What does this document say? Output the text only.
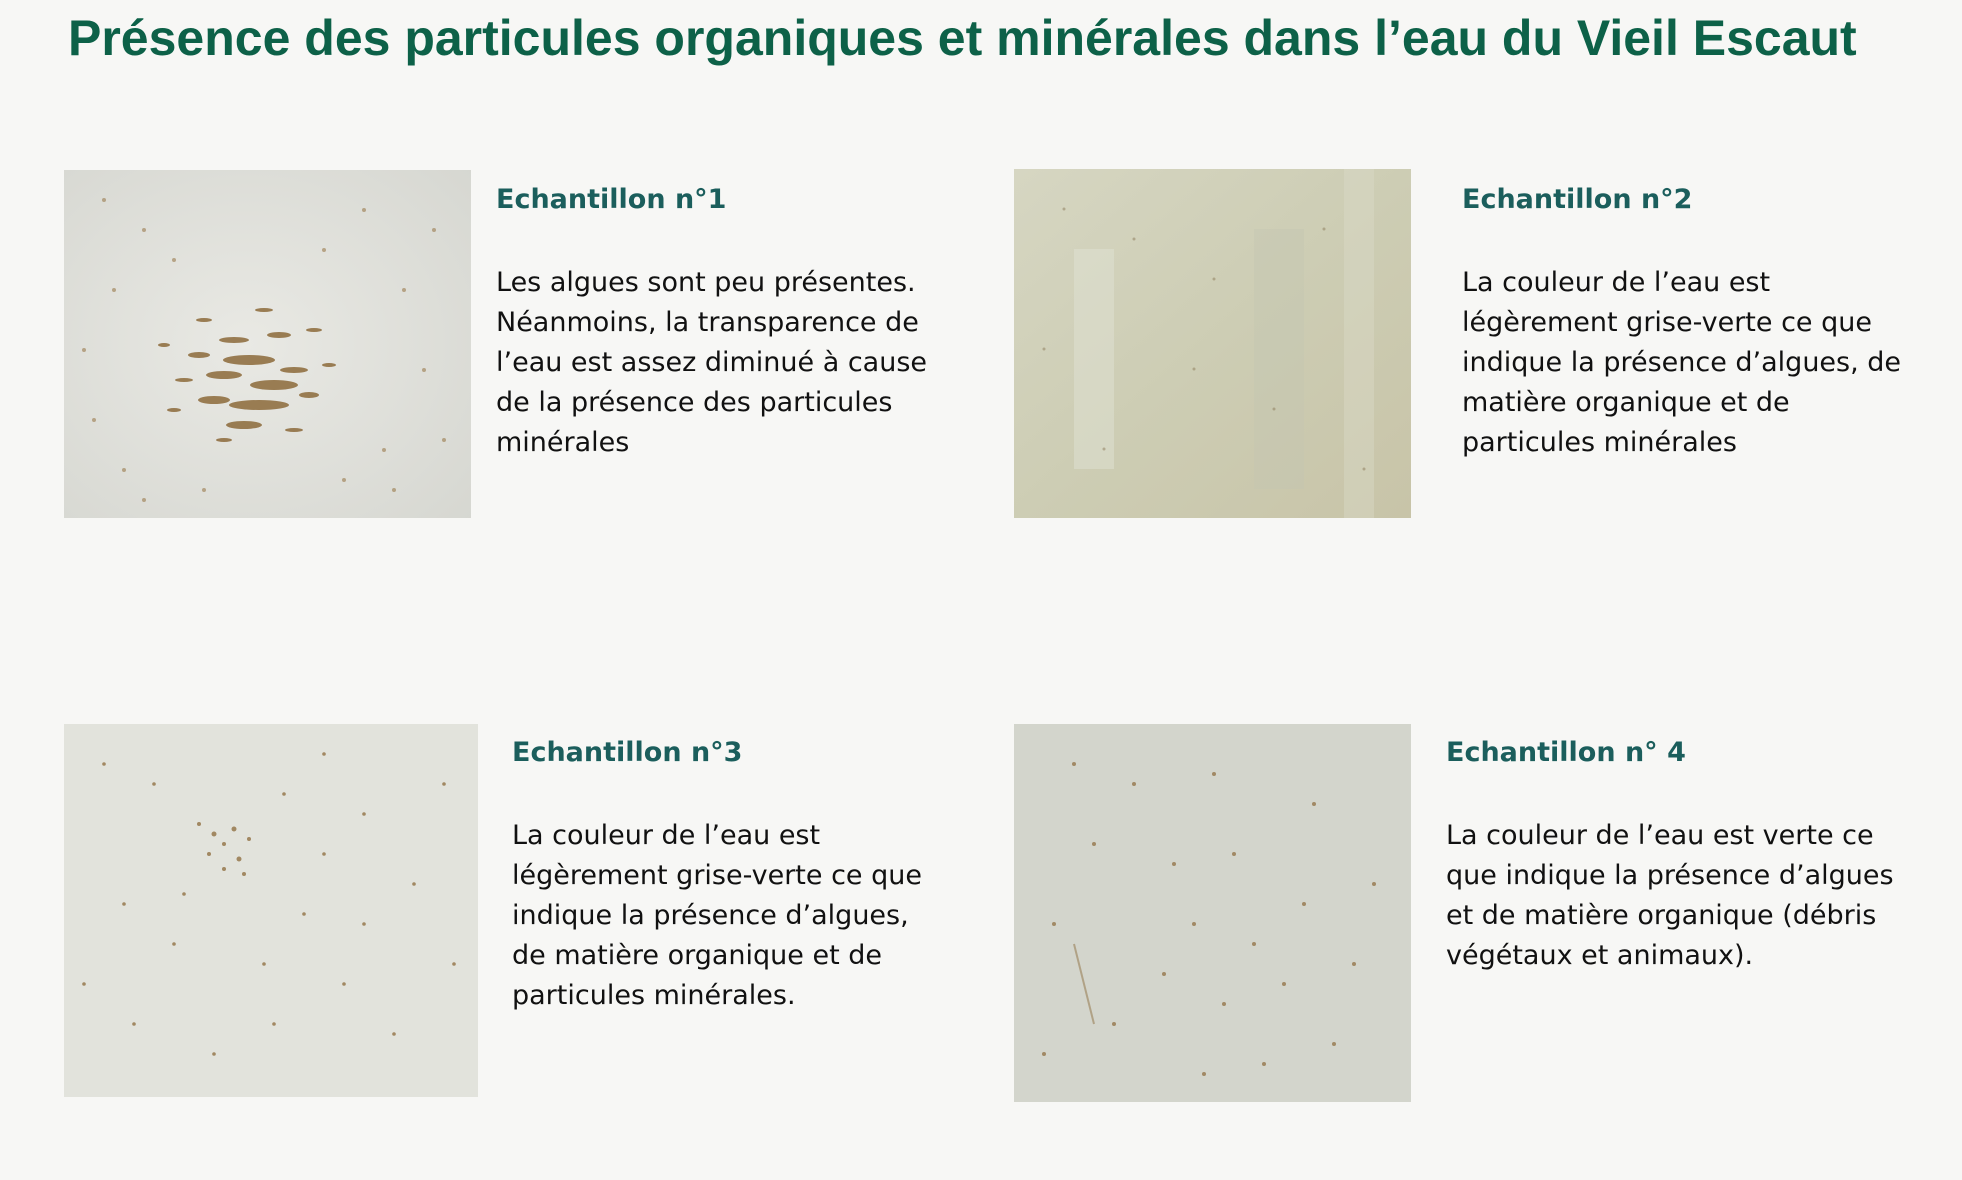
Présence des particules organiques et minérales dans l’eau du Vieil Escaut
Echantillon n°1

Les algues sont peu présentes.
Néanmoins, la transparence de
l’eau est assez diminué à cause
de la présence des particules
minérales

Echantillon n°2

La couleur de l’eau est
légèrement grise-verte ce que
indique la présence d’algues, de
matière organique et de
particules minérales

Echantillon n°3

La couleur de l’eau est
légèrement grise-verte ce que
indique la présence d’algues,
de matière organique et de
particules minérales.

Echantillon n° 4

La couleur de l’eau est verte ce
que indique la présence d’algues
et de matière organique (débris
végétaux et animaux).
